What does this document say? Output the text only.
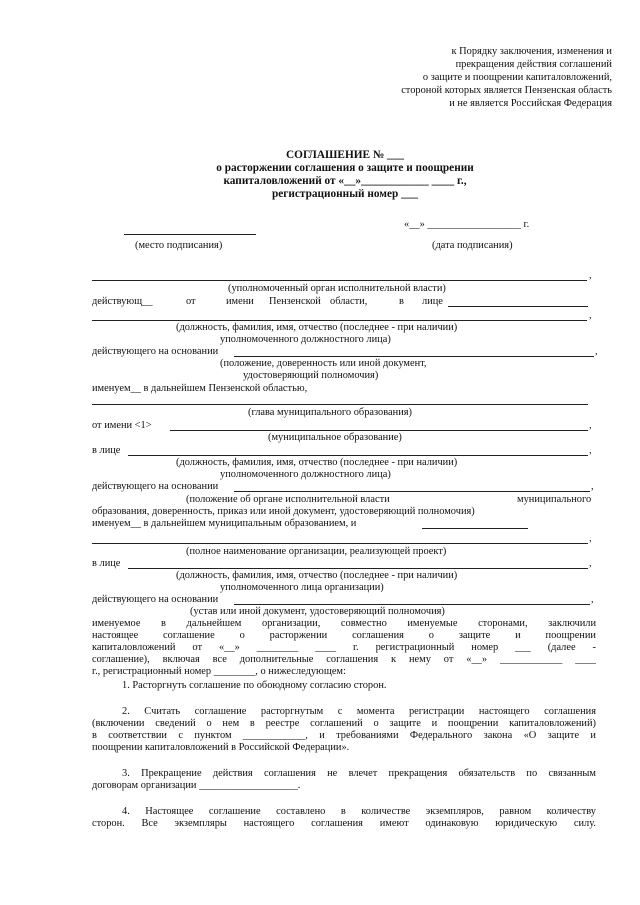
к Порядку заключения, изменения и
прекращения действия соглашений
о защите и поощрении капиталовложений,
стороной которых является Пензенская область
и не является Российская Федерация
СОГЛАШЕНИЕ № ___
о расторжении соглашения о защите и поощрении
капиталовложений от «__»____________ ____ г.,
регистрационный номер ___
«__» __________________ г.
(место подписания)	(дата подписания)
,
(уполномоченный орган исполнительной власти)
действующ__	от	имени Пензенской области,	в лице
,
(должность, фамилия, имя, отчество (последнее - при наличии)
уполномоченного должностного лица)
действующего на основании	,
(положение, доверенность или иной документ,
удостоверяющий полномочия)
именуем__ в дальнейшем Пензенской областью,
(глава муниципального образования)
от имени <1>	,
(муниципальное образование)
в лице	,
(должность, фамилия, имя, отчество (последнее - при наличии)
уполномоченного должностного лица)
действующего на основании	,
(положение об органе исполнительной власти	муниципального
образования, доверенность, приказ или иной документ, удостоверяющий полномочия)
именуем__ в дальнейшем муниципальным образованием, и
,
(полное наименование организации, реализующей проект)
в лице	,
(должность, фамилия, имя, отчество (последнее - при наличии)
уполномоченного лица организации)
действующего на основании	,
(устав или иной документ, удостоверяющий полномочия)
именуемое в дальнейшем организации, совместно именуемые сторонами, заключили
настоящее соглашение о расторжении соглашения о защите и поощрении
капиталовложений от «__» ________ ____ г. регистрационный номер ___ (далее -
соглашение), включая все дополнительные соглашения к нему от «__» ____________ ____
г., регистрационный номер ________, о нижеследующем:
1. Расторгнуть соглашение по обоюдному согласию сторон.
2. Считать соглашение расторгнутым с момента регистрации настоящего соглашения
(включении сведений о нем в реестре соглашений о защите и поощрении капиталовложений)
в соответствии с пунктом ____________, и требованиями Федерального закона «О защите и
поощрении капиталовложений в Российской Федерации».
3. Прекращение действия соглашения не влечет прекращения обязательств по связанным
договорам организации ___________________.
4. Настоящее соглашение составлено в количестве экземпляров, равном количеству
сторон. Все экземпляры настоящего соглашения имеют одинаковую юридическую силу.
